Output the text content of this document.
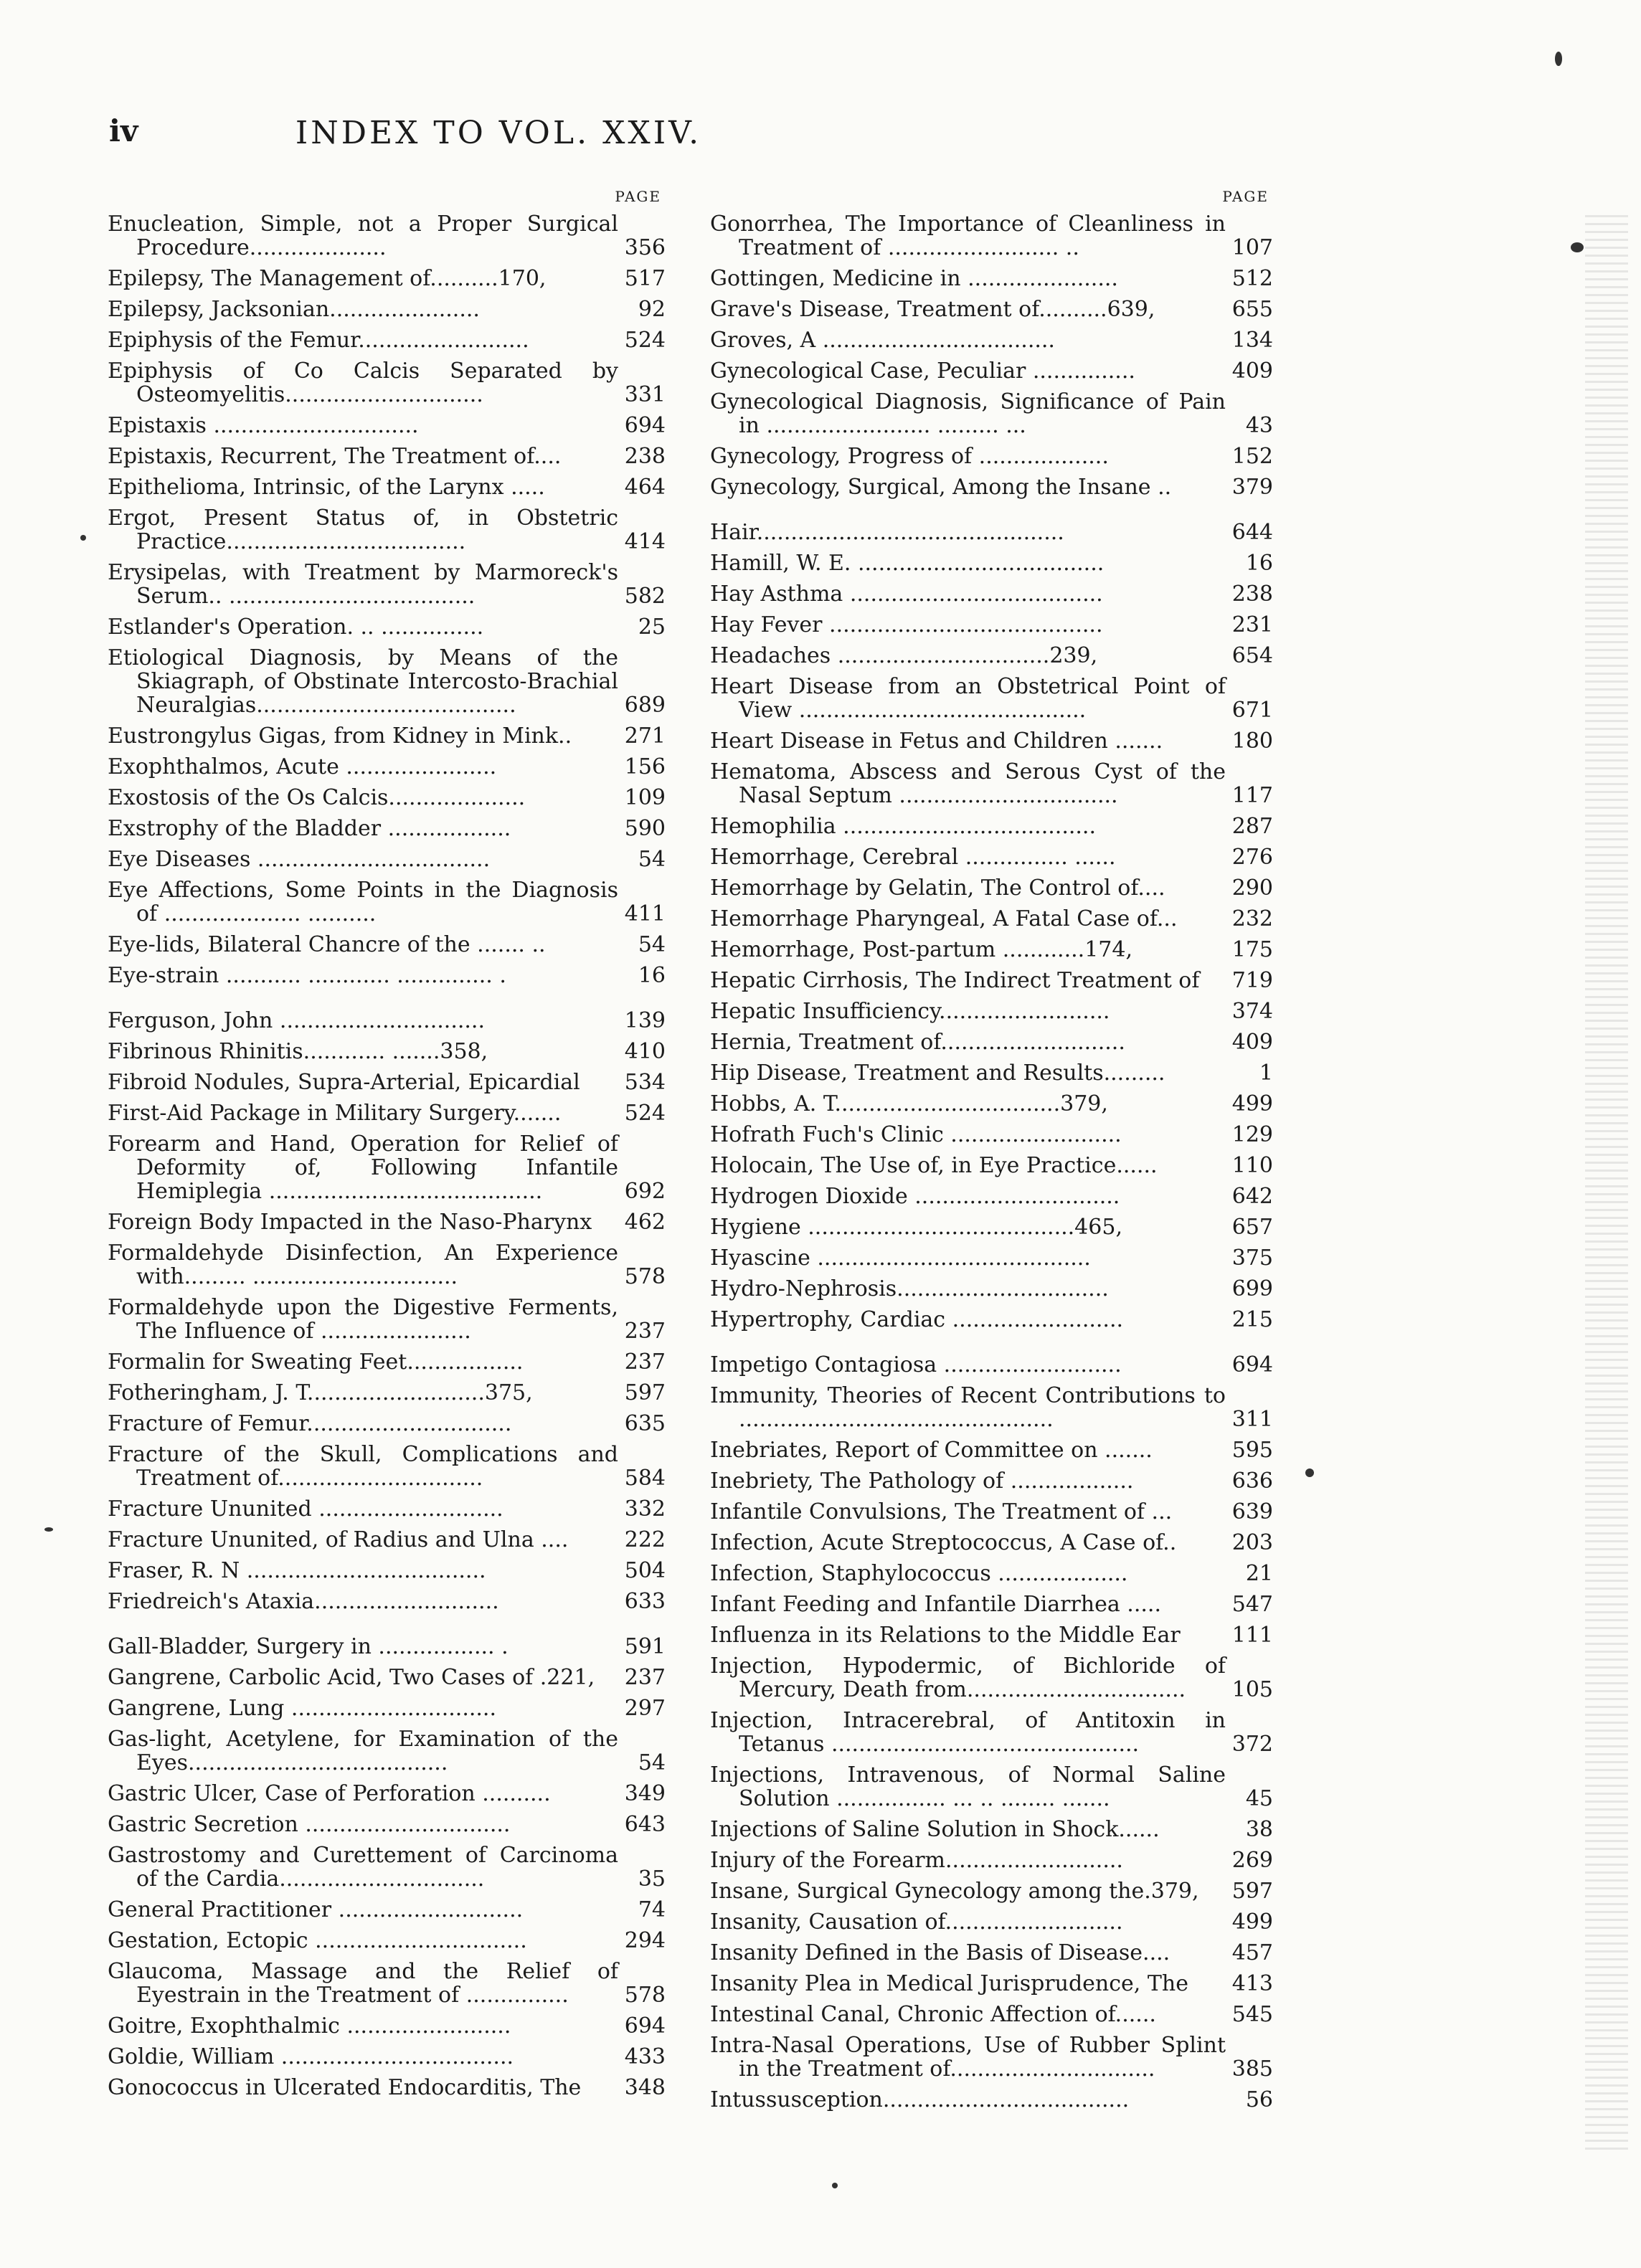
iv	INDEX TO VOL. XXIV.
PAGE
Enucleation, Simple, not a Proper Surgical Procedure....................	356
Epilepsy, The Management of..........170,	517
Epilepsy, Jacksonian......................	92
Epiphysis of the Femur.........................	524
Epiphysis of Co Calcis Separated by Osteomyelitis.............................	331
Epistaxis ..............................	694
Epistaxis, Recurrent, The Treatment of....	238
Epithelioma, Intrinsic, of the Larynx .....	464
Ergot, Present Status of, in Obstetric Practice...................................	414
Erysipelas, with Treatment by Marmoreck's Serum.. ....................................	582
Estlander's Operation. .. ...............	25
Etiological Diagnosis, by Means of the Skiagraph, of Obstinate Intercosto-Brachial Neuralgias......................................	689
Eustrongylus Gigas, from Kidney in Mink..	271
Exophthalmos, Acute ......................	156
Exostosis of the Os Calcis....................	109
Exstrophy of the Bladder ..................	590
Eye Diseases ..................................	54
Eye Affections, Some Points in the Diagnosis of .................... ..........	411
Eye-lids, Bilateral Chancre of the ....... ..	54
Eye-strain ........... ............ .............. .	16
Ferguson, John ..............................	139
Fibrinous Rhinitis............ .......358,	410
Fibroid Nodules, Supra-Arterial, Epicardial	534
First-Aid Package in Military Surgery.......	524
Forearm and Hand, Operation for Relief of Deformity of, Following Infantile Hemiplegia ........................................	692
Foreign Body Impacted in the Naso-Pharynx	462
Formaldehyde Disinfection, An Experience with......... ..............................	578
Formaldehyde upon the Digestive Ferments, The Influence of ......................	237
Formalin for Sweating Feet.................	237
Fotheringham, J. T..........................375,	597
Fracture of Femur..............................	635
Fracture of the Skull, Complications and Treatment of..............................	584
Fracture Ununited ...........................	332
Fracture Ununited, of Radius and Ulna ....	222
Fraser, R. N ...................................	504
Friedreich's Ataxia...........................	633
Gall-Bladder, Surgery in ................. .	591
Gangrene, Carbolic Acid, Two Cases of .221,	237
Gangrene, Lung ..............................	297
Gas-light, Acetylene, for Examination of the Eyes......................................	54
Gastric Ulcer, Case of Perforation ..........	349
Gastric Secretion ..............................	643
Gastrostomy and Curettement of Carcinoma of the Cardia..............................	35
General Practitioner ...........................	74
Gestation, Ectopic ...............................	294
Glaucoma, Massage and the Relief of Eyestrain in the Treatment of ...............	578
Goitre, Exophthalmic ........................	694
Goldie, William ..................................	433
Gonococcus in Ulcerated Endocarditis, The	348
PAGE
Gonorrhea, The Importance of Cleanliness in Treatment of ......................... ..	107
Gottingen, Medicine in ......................	512
Grave's Disease, Treatment of..........639,	655
Groves, A ..................................	134
Gynecological Case, Peculiar ...............	409
Gynecological Diagnosis, Significance of Pain in ........................ ......... ...	43
Gynecology, Progress of ...................	152
Gynecology, Surgical, Among the Insane ..	379
Hair.............................................	644
Hamill, W. E. ....................................	16
Hay Asthma .....................................	238
Hay Fever ........................................	231
Headaches ...............................239,	654
Heart Disease from an Obstetrical Point of View ..........................................	671
Heart Disease in Fetus and Children .......	180
Hematoma, Abscess and Serous Cyst of the Nasal Septum ................................	117
Hemophilia .....................................	287
Hemorrhage, Cerebral ............... ......	276
Hemorrhage by Gelatin, The Control of....	290
Hemorrhage Pharyngeal, A Fatal Case of...	232
Hemorrhage, Post-partum ............174,	175
Hepatic Cirrhosis, The Indirect Treatment of	719
Hepatic Insufficiency.........................	374
Hernia, Treatment of...........................	409
Hip Disease, Treatment and Results.........	1
Hobbs, A. T.................................379,	499
Hofrath Fuch's Clinic .........................	129
Holocain, The Use of, in Eye Practice......	110
Hydrogen Dioxide ..............................	642
Hygiene .......................................465,	657
Hyascine ........................................	375
Hydro-Nephrosis...............................	699
Hypertrophy, Cardiac .........................	215
Impetigo Contagiosa ..........................	694
Immunity, Theories of Recent Contributions to ..............................................	311
Inebriates, Report of Committee on .......	595
Inebriety, The Pathology of ..................	636
Infantile Convulsions, The Treatment of ...	639
Infection, Acute Streptococcus, A Case of..	203
Infection, Staphylococcus ...................	21
Infant Feeding and Infantile Diarrhea .....	547
Influenza in its Relations to the Middle Ear	111
Injection, Hypodermic, of Bichloride of Mercury, Death from................................	105
Injection, Intracerebral, of Antitoxin in Tetanus .............................................	372
Injections, Intravenous, of Normal Saline Solution ................ ... .. ........ .......	45
Injections of Saline Solution in Shock......	38
Injury of the Forearm..........................	269
Insane, Surgical Gynecology among the.379,	597
Insanity, Causation of..........................	499
Insanity Defined in the Basis of Disease....	457
Insanity Plea in Medical Jurisprudence, The	413
Intestinal Canal, Chronic Affection of......	545
Intra-Nasal Operations, Use of Rubber Splint in the Treatment of..............................	385
Intussusception....................................	56
